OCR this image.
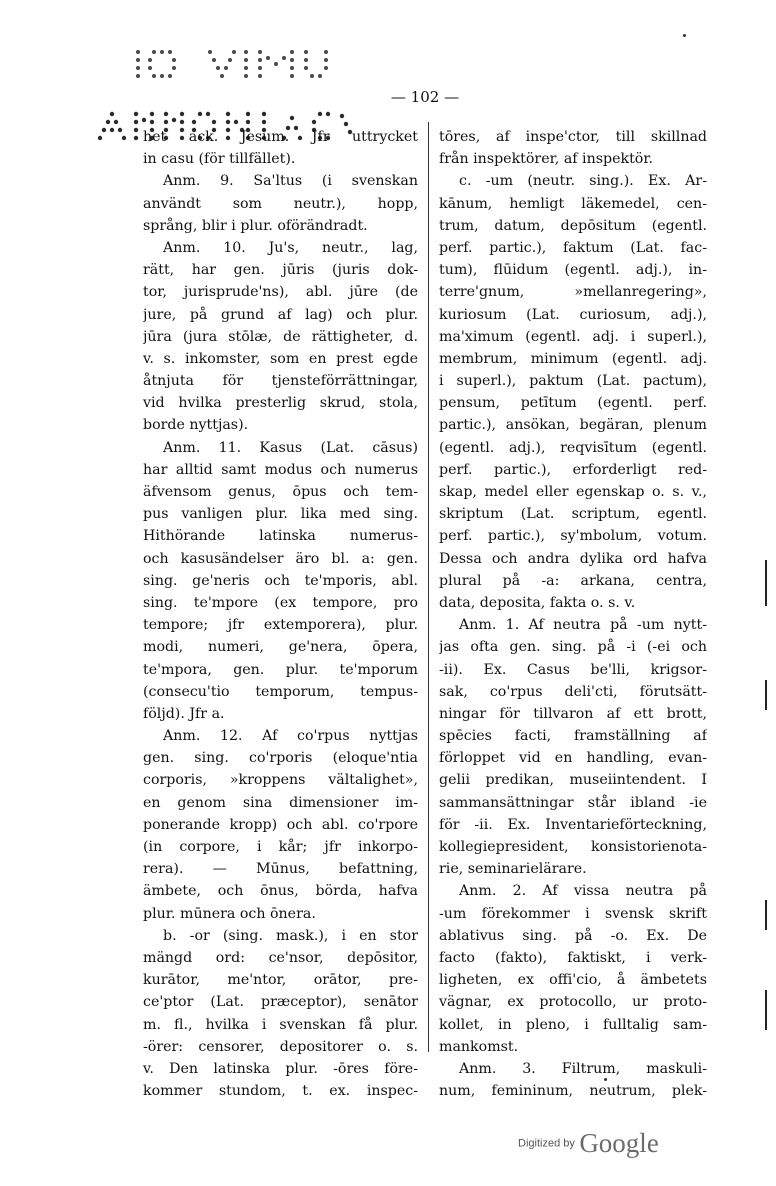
— 102 —
het ack. Jesum. Jfr uttrycket
in casu (för tillfället).
Anm. 9. Sa'ltus (i svenskan
användt som neutr.), hopp,
språng, blir i plur. oförändradt.
Anm. 10. Ju's, neutr., lag,
rätt, har gen. jūris (juris dok-
tor, jurisprude'ns), abl. jūre (de
jure, på grund af lag) och plur.
jūra (jura stōlæ, de rättigheter, d.
v. s. inkomster, som en prest egde
åtnjuta för tjensteförrättningar,
vid hvilka presterlig skrud, stola,
borde nyttjas).
Anm. 11. Kasus (Lat. cāsus)
har alltid samt modus och numerus
äfvensom genus, ōpus och tem-
pus vanligen plur. lika med sing.
Hithörande latinska numerus-
och kasusändelser äro bl. a: gen.
sing. ge'neris och te'mporis, abl.
sing. te'mpore (ex tempore, pro
tempore; jfr extemporera), plur.
modi, numeri, ge'nera, ōpera,
te'mpora, gen. plur. te'mporum
(consecu'tio temporum, tempus-
följd). Jfr a.
Anm. 12. Af co'rpus nyttjas
gen. sing. co'rporis (eloque'ntia
corporis, »kroppens vältalighet»,
en genom sina dimensioner im-
ponerande kropp) och abl. co'rpore
(in corpore, i kår; jfr inkorpo-
rera). — Mūnus, befattning,
ämbete, och ōnus, börda, hafva
plur. mūnera och ōnera.
b. -or (sing. mask.), i en stor
mängd ord: ce'nsor, depōsitor,
kurātor, me'ntor, orātor, pre-
ce'ptor (Lat. præceptor), senātor
m. fl., hvilka i svenskan få plur.
-örer: censorer, depositorer o. s.
v. Den latinska plur. -ōres före-
kommer stundom, t. ex. inspec-
tōres, af inspe'ctor, till skillnad
från inspektörer, af inspektör.
c. -um (neutr. sing.). Ex. Ar-
kānum, hemligt läkemedel, cen-
trum, datum, depōsitum (egentl.
perf. partic.), faktum (Lat. fac-
tum), flūidum (egentl. adj.), in-
terre'gnum, »mellanregering»,
kuriosum (Lat. curiosum, adj.),
ma'ximum (egentl. adj. i superl.),
membrum, minimum (egentl. adj.
i superl.), paktum (Lat. pactum),
pensum, petītum (egentl. perf.
partic.), ansökan, begäran, plenum
(egentl. adj.), reqvisītum (egentl.
perf. partic.), erforderligt red-
skap, medel eller egenskap o. s. v.,
skriptum (Lat. scriptum, egentl.
perf. partic.), sy'mbolum, votum.
Dessa och andra dylika ord hafva
plural på -a: arkana, centra,
data, deposita, fakta o. s. v.
Anm. 1. Af neutra på -um nytt-
jas ofta gen. sing. på -i (-ei och
-ii). Ex. Casus be'lli, krigsor-
sak, co'rpus deli'cti, förutsätt-
ningar för tillvaron af ett brott,
spēcies facti, framställning af
förloppet vid en handling, evan-
gelii predikan, museiintendent. I
sammansättningar står ibland -ie
för -ii. Ex. Inventarieförteckning,
kollegiepresident, konsistorienota-
rie, seminarielärare.
Anm. 2. Af vissa neutra på
-um förekommer i svensk skrift
ablativus sing. på -o. Ex. De
facto (fakto), faktiskt, i verk-
ligheten, ex offi'cio, å ämbetets
vägnar, ex protocollo, ur proto-
kollet, in pleno, i fulltalig sam-
mankomst.
Anm. 3. Filtrum, maskuli-
num, femininum, neutrum, plek-
Digitized by Google
